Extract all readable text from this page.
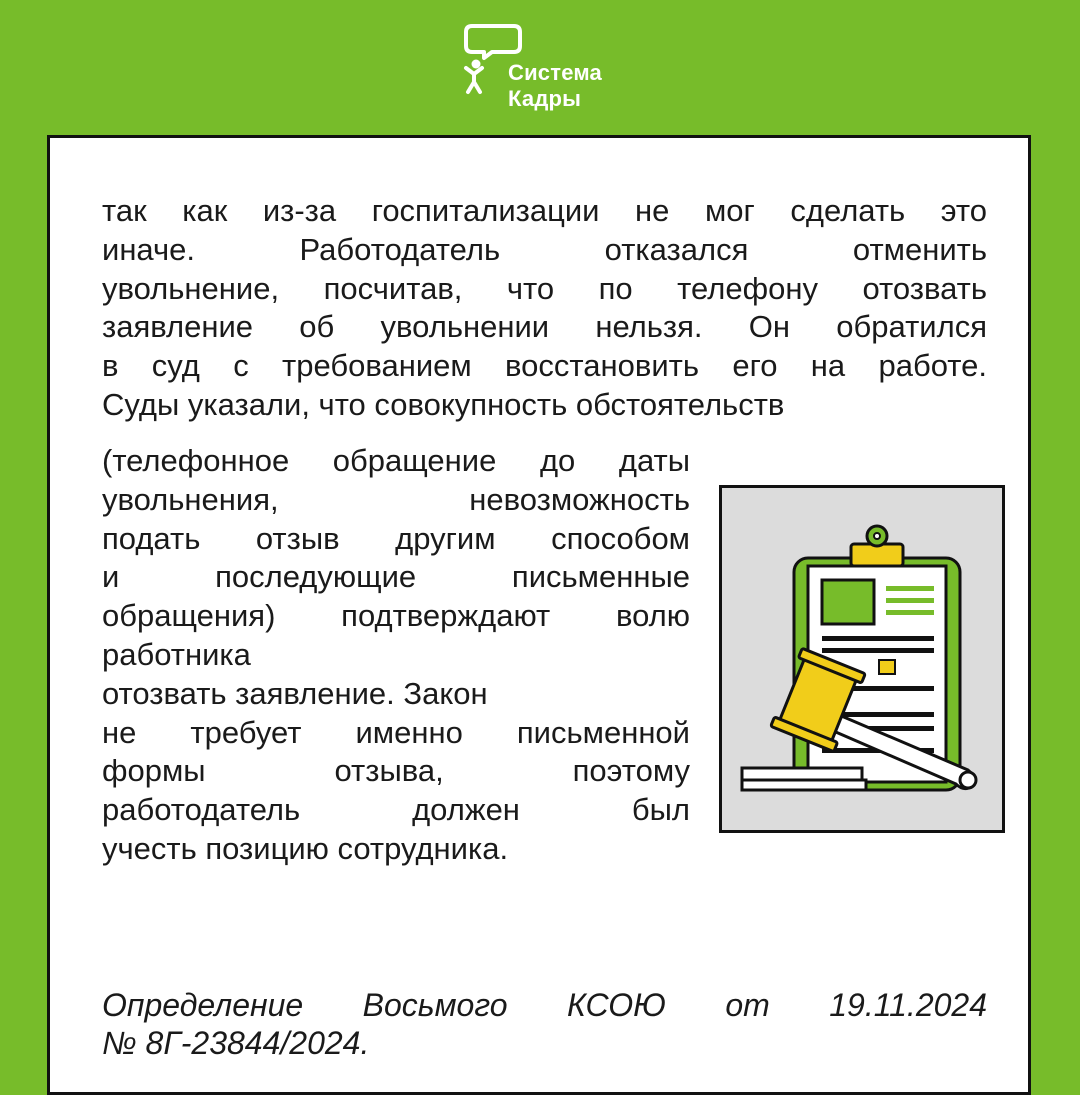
Система
Кадры
так как из-за госпитализации не мог сделать это
иначе. Работодатель отказался отменить
увольнение, посчитав, что по телефону отозвать
заявление об увольнении нельзя. Он обратился
в суд с требованием восстановить его на работе.
Суды указали, что совокупность обстоятельств
(телефонное обращение до даты
увольнения, невозможность
подать отзыв другим способом
и последующие письменные
обращения) подтверждают волю
работника
отозвать заявление. Закон
не требует именно письменной
формы отзыва, поэтому
работодатель должен был
учесть позицию сотрудника.
Определение Восьмого КСОЮ от 19.11.2024
№ 8Г-23844/2024.
